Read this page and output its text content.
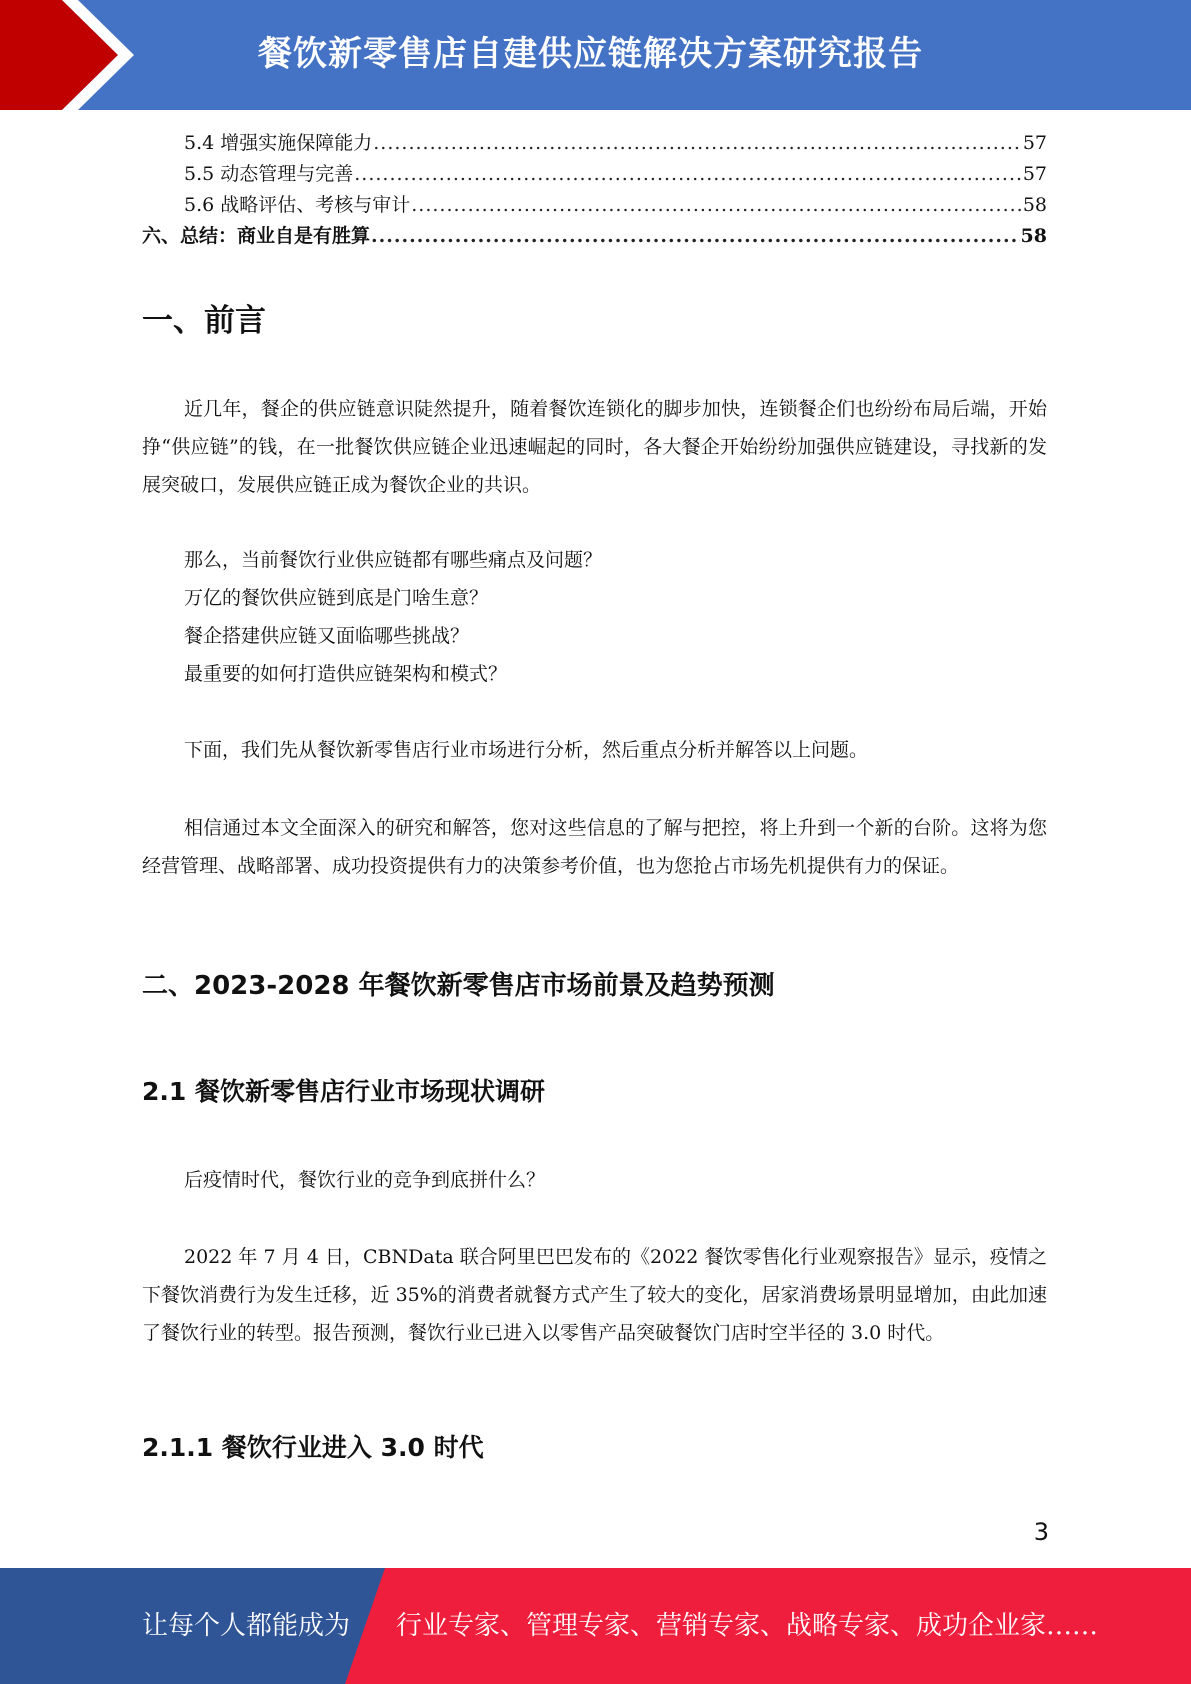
餐饮新零售店自建供应链解决方案研究报告
5.4 增强实施保障能力 .....	57
5.5 动态管理与完善 .....	57
5.6 战略评估、考核与审计 .....	58
六、总结：商业自是有胜算 .....	58
一、前言

近几年，餐企的供应链意识陡然提升，随着餐饮连锁化的脚步加快，连锁餐企们也纷纷布局后端，开始挣“供应链”的钱，在一批餐饮供应链企业迅速崛起的同时，各大餐企开始纷纷加强供应链建设，寻找新的发展突破口，发展供应链正成为餐饮企业的共识。

那么，当前餐饮行业供应链都有哪些痛点及问题？
万亿的餐饮供应链到底是门啥生意？
餐企搭建供应链又面临哪些挑战？
最重要的如何打造供应链架构和模式？

下面，我们先从餐饮新零售店行业市场进行分析，然后重点分析并解答以上问题。

相信通过本文全面深入的研究和解答，您对这些信息的了解与把控，将上升到一个新的台阶。这将为您经营管理、战略部署、成功投资提供有力的决策参考价值，也为您抢占市场先机提供有力的保证。

二、2023-2028 年餐饮新零售店市场前景及趋势预测
2.1 餐饮新零售店行业市场现状调研

后疫情时代，餐饮行业的竞争到底拼什么？

2022 年 7 月 4 日，CBNData 联合阿里巴巴发布的《2022 餐饮零售化行业观察报告》显示，疫情之下餐饮消费行为发生迁移，近 35%的消费者就餐方式产生了较大的变化，居家消费场景明显增加，由此加速了餐饮行业的转型。报告预测，餐饮行业已进入以零售产品突破餐饮门店时空半径的 3.0 时代。

2.1.1 餐饮行业进入 3.0 时代
3
让每个人都能成为 行业专家、管理专家、营销专家、战略专家、成功企业家……
